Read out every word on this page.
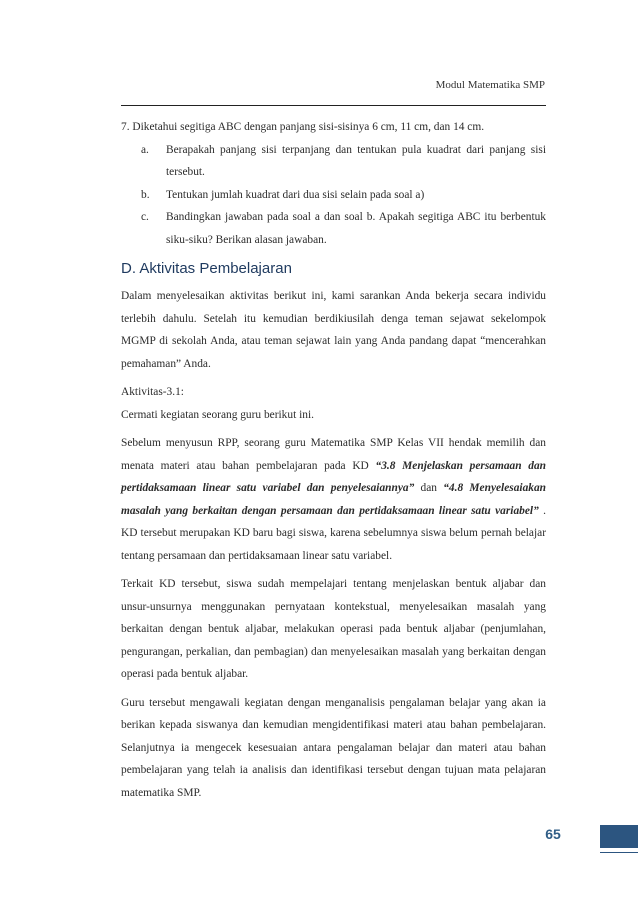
Modul Matematika SMP

7. Diketahui segitiga ABC dengan panjang sisi-sisinya 6 cm, 11 cm, dan 14 cm.

a.	Berapakah panjang sisi terpanjang dan tentukan pula kuadrat dari panjang sisi tersebut.
b.	Tentukan jumlah kuadrat dari dua sisi selain pada soal a)
c.	Bandingkan jawaban pada soal a dan soal b. Apakah segitiga ABC itu berbentuk siku-siku? Berikan alasan jawaban.
D. Aktivitas Pembelajaran

Dalam menyelesaikan aktivitas berikut ini, kami sarankan Anda bekerja secara individu terlebih dahulu. Setelah itu kemudian berdikiusilah denga teman sejawat sekelompok MGMP di sekolah Anda, atau teman sejawat lain yang Anda pandang dapat “mencerahkan pemahaman” Anda.

Aktivitas-3.1:

Cermati kegiatan seorang guru berikut ini.

Sebelum menyusun RPP, seorang guru Matematika SMP Kelas VII hendak memilih dan menata materi atau bahan pembelajaran pada KD “3.8 Menjelaskan persamaan dan pertidaksamaan linear satu variabel dan penyelesaiannya” dan “4.8 Menyelesaiakan masalah yang berkaitan dengan persamaan dan pertidaksamaan linear satu variabel” . KD tersebut merupakan KD baru bagi siswa, karena sebelumnya siswa belum pernah belajar tentang persamaan dan pertidaksamaan linear satu variabel.

Terkait KD tersebut, siswa sudah mempelajari tentang menjelaskan bentuk aljabar dan unsur-unsurnya menggunakan pernyataan kontekstual, menyelesaikan masalah yang berkaitan dengan bentuk aljabar, melakukan operasi pada bentuk aljabar (penjumlahan, pengurangan, perkalian, dan pembagian) dan menyelesaikan masalah yang berkaitan dengan operasi pada bentuk aljabar.

Guru tersebut mengawali kegiatan dengan menganalisis pengalaman belajar yang akan ia berikan kepada siswanya dan kemudian mengidentifikasi materi atau bahan pembelajaran. Selanjutnya ia mengecek kesesuaian antara pengalaman belajar dan materi atau bahan pembelajaran yang telah ia analisis dan identifikasi tersebut dengan tujuan mata pelajaran matematika SMP.

65
